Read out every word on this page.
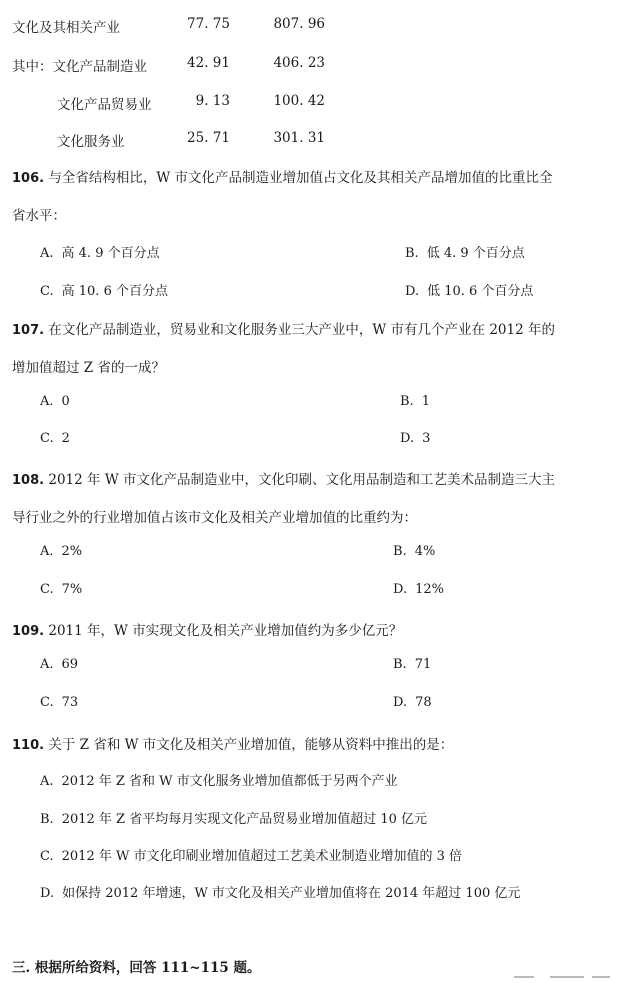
文化及其相关产业	77. 75	807. 96
其中：文化产品制造业	42. 91	406. 23
文化产品贸易业	9. 13	100. 42
文化服务业	25. 71	301. 31
106. 与全省结构相比，W 市文化产品制造业增加值占文化及其相关产品增加值的比重比全
省水平：
A. 高 4. 9 个百分点	B. 低 4. 9 个百分点
C. 高 10. 6 个百分点	D. 低 10. 6 个百分点
107. 在文化产品制造业，贸易业和文化服务业三大产业中，W 市有几个产业在 2012 年的
增加值超过 Z 省的一成？
A. 0	B. 1
C. 2	D. 3
108. 2012 年 W 市文化产品制造业中，文化印刷、文化用品制造和工艺美术品制造三大主
导行业之外的行业增加值占该市文化及相关产业增加值的比重约为：
A. 2%	B. 4%
C. 7%	D. 12%
109. 2011 年，W 市实现文化及相关产业增加值约为多少亿元？
A. 69	B. 71
C. 73	D. 78
110. 关于 Z 省和 W 市文化及相关产业增加值，能够从资料中推出的是：
A. 2012 年 Z 省和 W 市文化服务业增加值都低于另两个产业
B. 2012 年 Z 省平均每月实现文化产品贸易业增加值超过 10 亿元
C. 2012 年 W 市文化印刷业增加值超过工艺美术业制造业增加值的 3 倍
D. 如保持 2012 年增速，W 市文化及相关产业增加值将在 2014 年超过 100 亿元
三. 根据所给资料，回答 111~115 题。
